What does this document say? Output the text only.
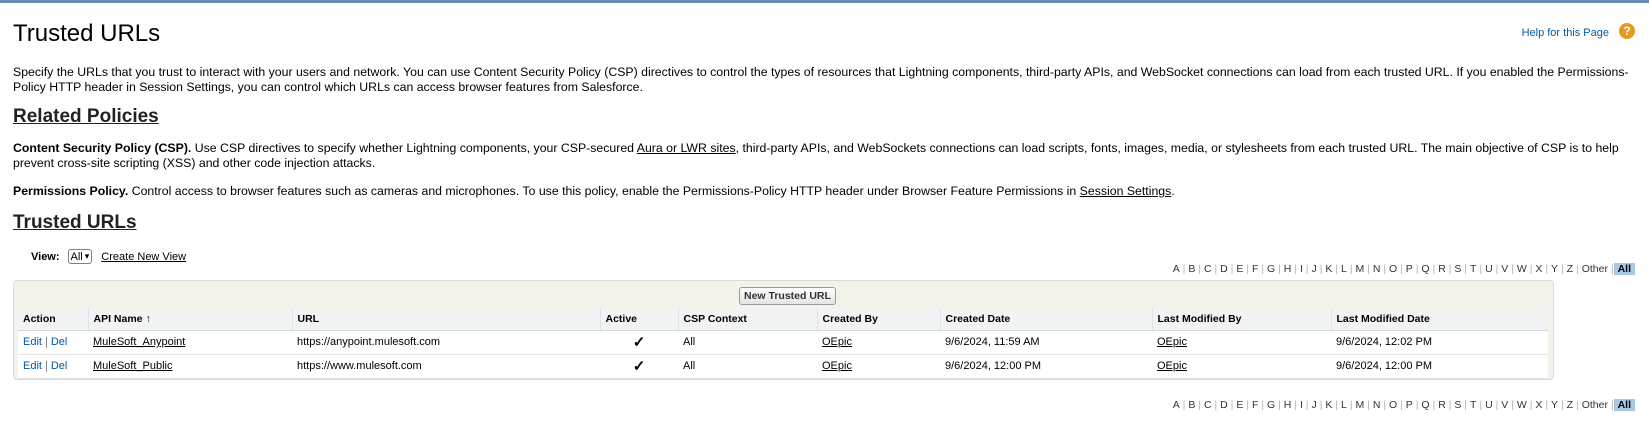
Trusted URLs	Help for this Page	?

Specify the URLs that you trust to interact with your users and network. You can use Content Security Policy (CSP) directives to control the types of resources that Lightning components, third-party APIs, and WebSocket connections can load from each trusted URL. If you enabled the Permissions-Policy HTTP header in Session Settings, you can control which URLs can access browser features from Salesforce.

Related Policies

Content Security Policy (CSP). Use CSP directives to specify whether Lightning components, your CSP-secured Aura or LWR sites, third-party APIs, and WebSockets connections can load scripts, fonts, images, media, or stylesheets from each trusted URL. The main objective of CSP is to help prevent cross-site scripting (XSS) and other code injection attacks.

Permissions Policy. Control access to browser features such as cameras and microphones. To use this policy, enable the Permissions-Policy HTTP header under Browser Feature Permissions in Session Settings.

Trusted URLs
View: All ▾ Create New View
A | B | C | D | E | F | G | H | I | J | K | L | M | N | O | P | Q | R | S | T | U | V | W | X | Y | Z | Other | All
New Trusted URL
Action	API Name ↑	URL	Active	CSP Context	Created By	Created Date	Last Modified By	Last Modified Date
Edit | Del	MuleSoft_Anypoint	https://anypoint.mulesoft.com	✓	All	OEpic	9/6/2024, 11:59 AM	OEpic	9/6/2024, 12:02 PM
Edit | Del	MuleSoft_Public	https://www.mulesoft.com	✓	All	OEpic	9/6/2024, 12:00 PM	OEpic	9/6/2024, 12:00 PM
A | B | C | D | E | F | G | H | I | J | K | L | M | N | O | P | Q | R | S | T | U | V | W | X | Y | Z | Other | All
